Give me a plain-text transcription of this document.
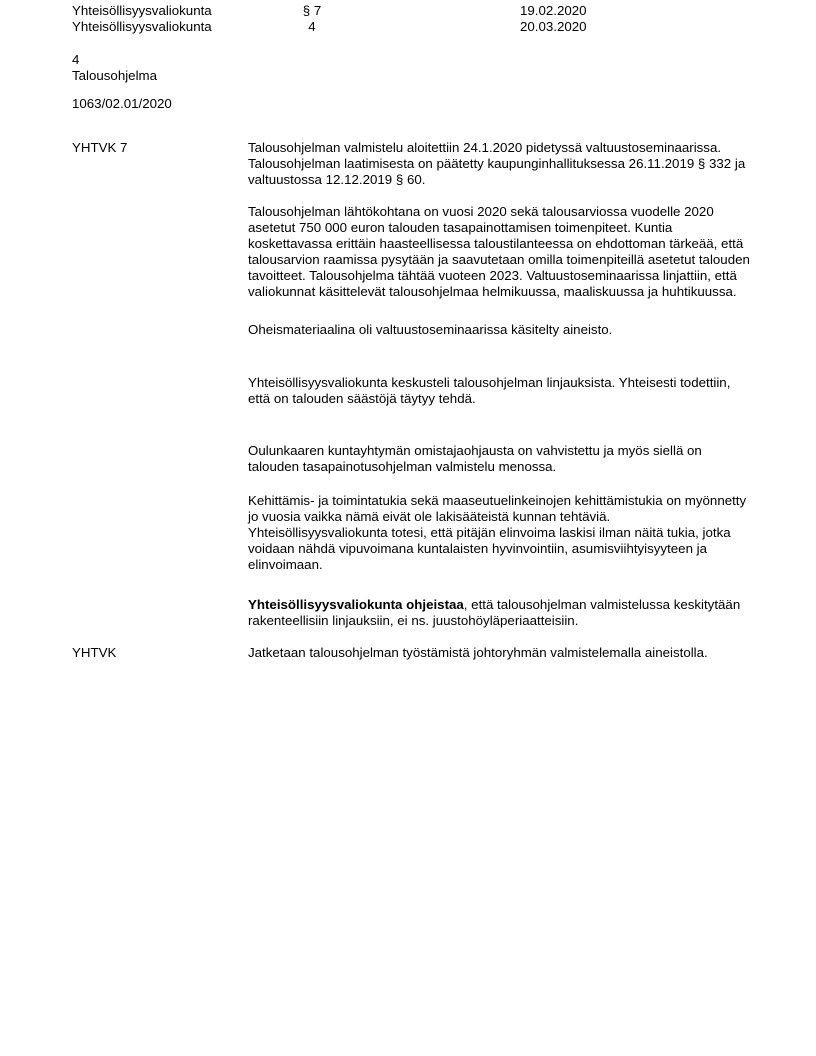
Yhteisöllisyysvaliokunta	§ 7	19.02.2020
Yhteisöllisyysvaliokunta	4	20.03.2020
4
Talousohjelma
1063/02.01/2020
YHTVK 7	Talousohjelman valmistelu aloitettiin 24.1.2020 pidetyssä valtuustoseminaarissa. Talousohjelman laatimisesta on päätetty kaupunginhallituksessa 26.11.2019 § 332 ja valtuustossa 12.12.2019 § 60.

Talousohjelman lähtökohtana on vuosi 2020 sekä talousarviossa vuodelle 2020 asetetut 750 000 euron talouden tasapainottamisen toimenpiteet. Kuntia koskettavassa erittäin haasteellisessa taloustilanteessa on ehdottoman tärkeää, että talousarvion raamissa pysytään ja saavutetaan omilla toimenpiteillä asetetut talouden tavoitteet. Talousohjelma tähtää vuoteen 2023. Valtuustoseminaarissa linjattiin, että valiokunnat käsittelevät talousohjelmaa helmikuussa, maaliskuussa ja huhtikuussa.

Oheismateriaalina oli valtuustoseminaarissa käsitelty aineisto.

Yhteisöllisyysvaliokunta keskusteli talousohjelman linjauksista. Yhteisesti todettiin, että on talouden säästöjä täytyy tehdä.

Oulunkaaren kuntayhtymän omistajaohjausta on vahvistettu ja myös siellä on talouden tasapainotusohjelman valmistelu menossa.

Kehittämis- ja toimintatukia sekä maaseutuelinkeinojen kehittämistukia on myönnetty jo vuosia vaikka nämä eivät ole lakisääteistä kunnan tehtäviä. Yhteisöllisyysvaliokunta totesi, että pitäjän elinvoima laskisi ilman näitä tukia, jotka voidaan nähdä vipuvoimana kuntalaisten hyvinvointiin, asumisviihtyisyyteen ja elinvoimaan.

Yhteisöllisyysvaliokunta ohjeistaa, että talousohjelman valmistelussa keskitytään rakenteellisiin linjauksiin, ei ns. juustohöyläperiaatteisiin.

YHTVK	Jatketaan talousohjelman työstämistä johtoryhmän valmistelemalla aineistolla.
